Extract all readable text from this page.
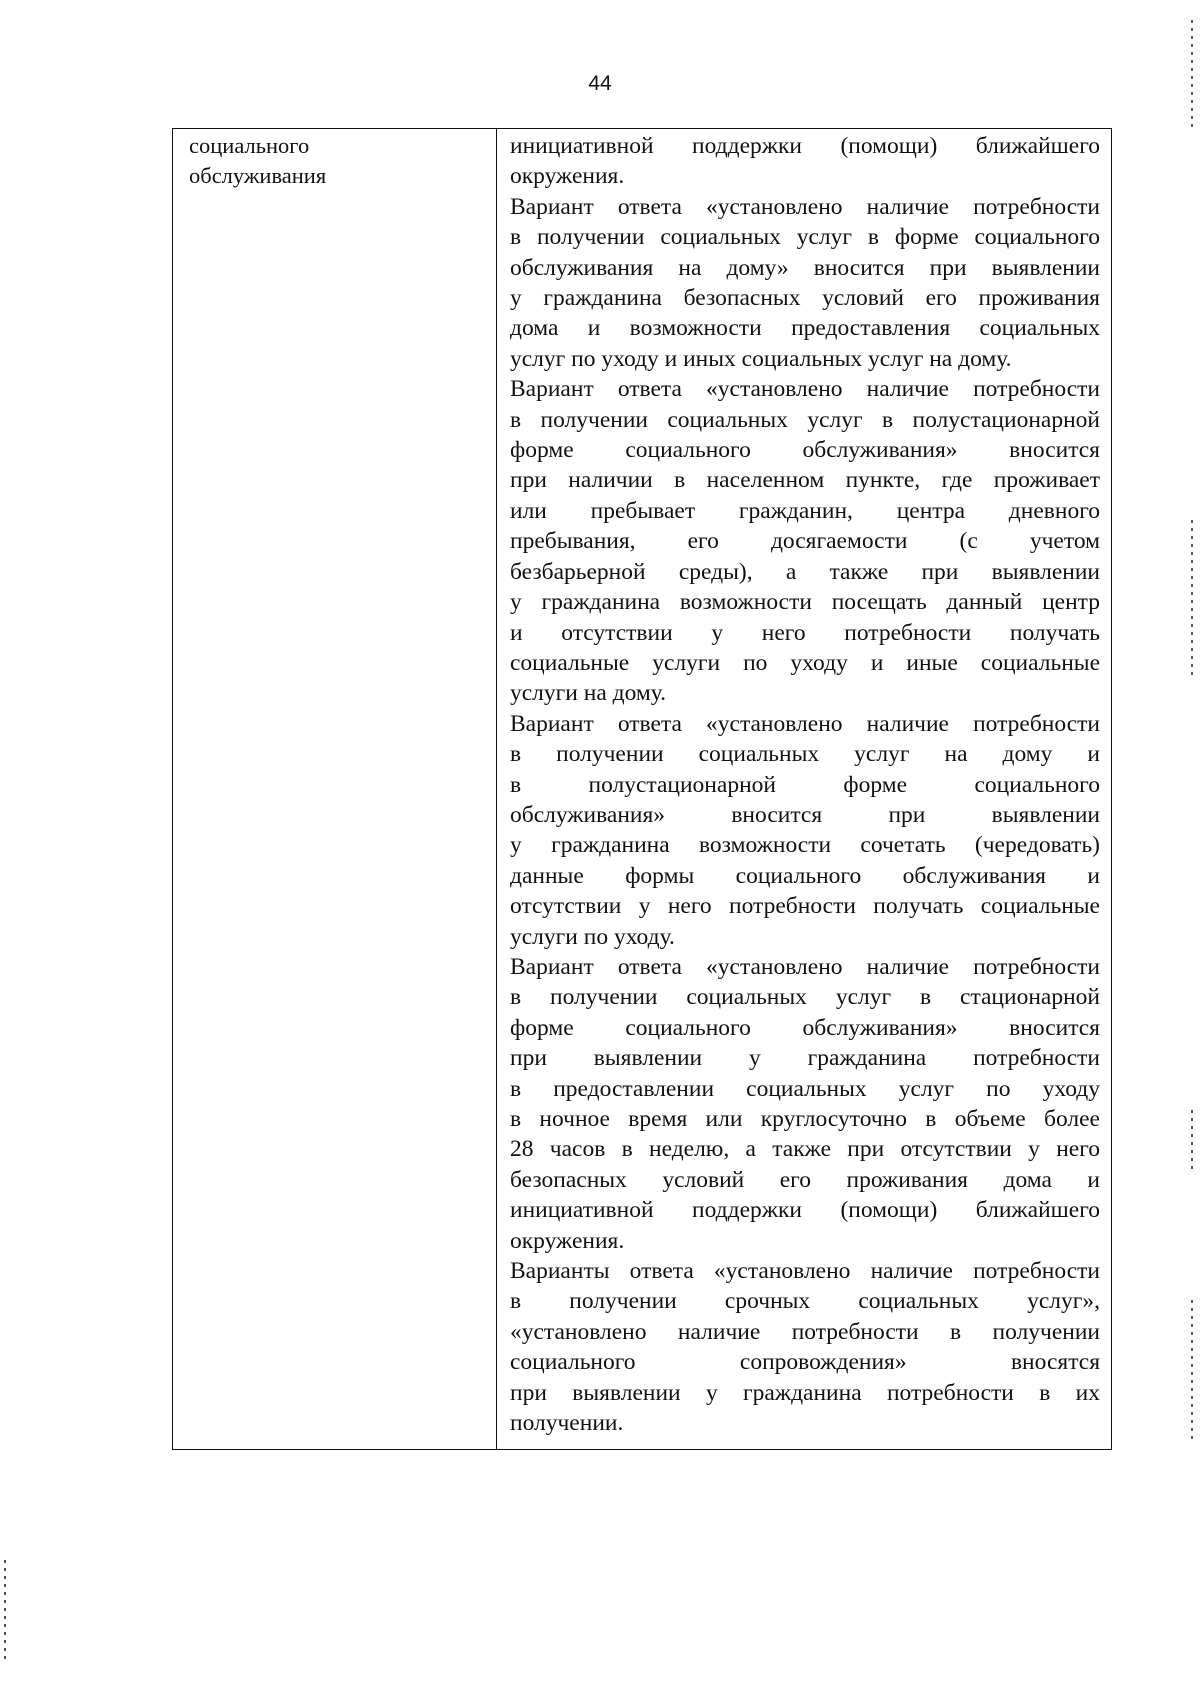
44
социального
обслуживания
инициативной поддержки (помощи) ближайшего
окружения.
Вариант ответа «установлено наличие потребности
в получении социальных услуг в форме социального
обслуживания на дому» вносится при выявлении
у гражданина безопасных условий его проживания
дома и возможности предоставления социальных
услуг по уходу и иных социальных услуг на дому.
Вариант ответа «установлено наличие потребности
в получении социальных услуг в полустационарной
форме социального обслуживания» вносится
при наличии в населенном пункте, где проживает
или пребывает гражданин, центра дневного
пребывания, его досягаемости (с учетом
безбарьерной среды), а также при выявлении
у гражданина возможности посещать данный центр
и отсутствии у него потребности получать
социальные услуги по уходу и иные социальные
услуги на дому.
Вариант ответа «установлено наличие потребности
в получении социальных услуг на дому и
в полустационарной форме социального
обслуживания» вносится при выявлении
у гражданина возможности сочетать (чередовать)
данные формы социального обслуживания и
отсутствии у него потребности получать социальные
услуги по уходу.
Вариант ответа «установлено наличие потребности
в получении социальных услуг в стационарной
форме социального обслуживания» вносится
при выявлении у гражданина потребности
в предоставлении социальных услуг по уходу
в ночное время или круглосуточно в объеме более
28 часов в неделю, а также при отсутствии у него
безопасных условий его проживания дома и
инициативной поддержки (помощи) ближайшего
окружения.
Варианты ответа «установлено наличие потребности
в получении срочных социальных услуг»,
«установлено наличие потребности в получении
социального сопровождения» вносятся
при выявлении у гражданина потребности в их
получении.
